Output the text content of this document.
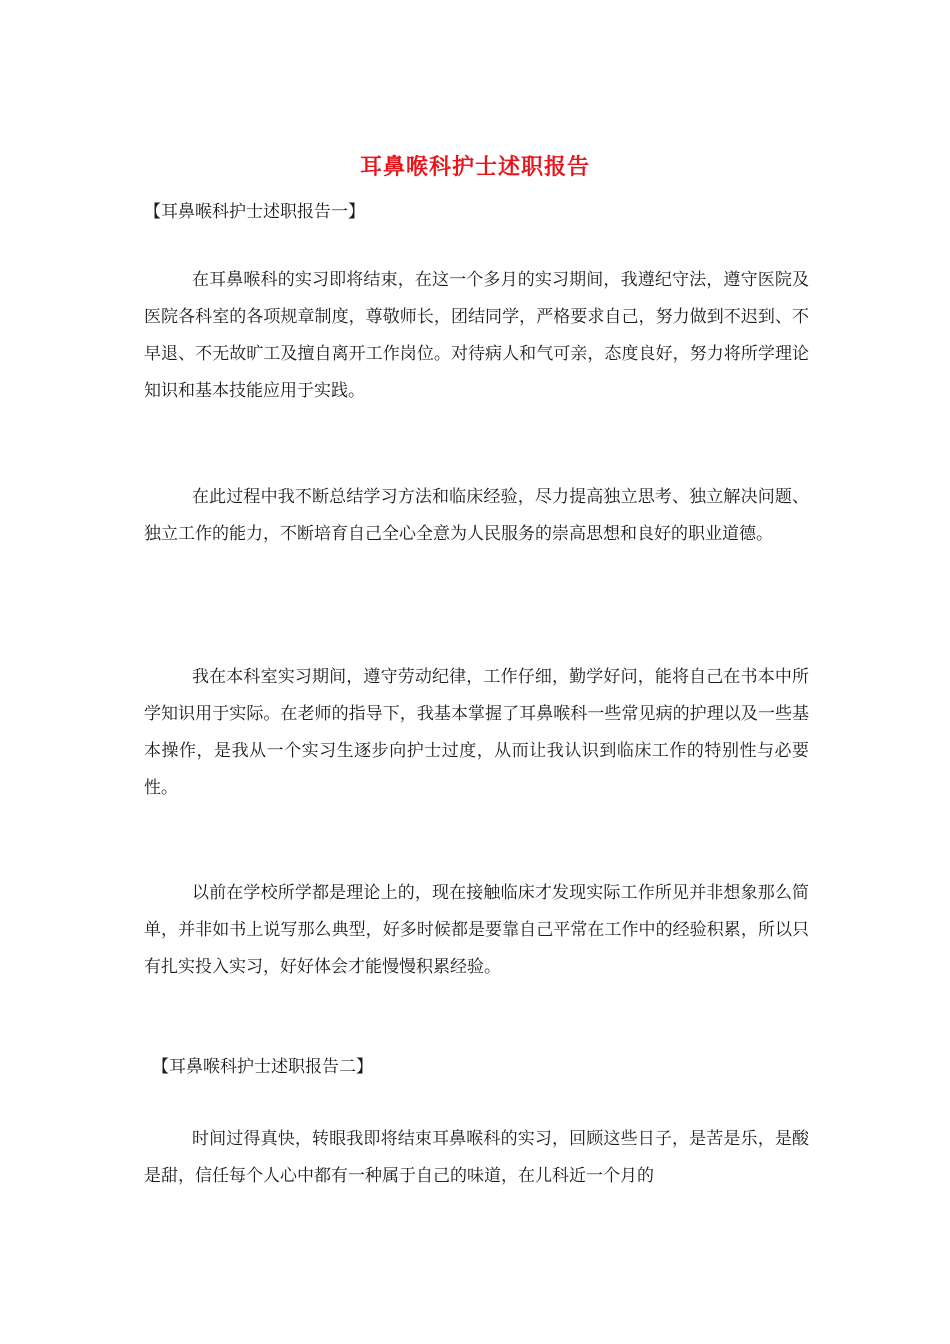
耳鼻喉科护士述职报告
【耳鼻喉科护士述职报告一】

在耳鼻喉科的实习即将结束，在这一个多月的实习期间，我遵纪守法，遵守医院及医院各科室的各项规章制度，尊敬师长，团结同学，严格要求自己，努力做到不迟到、不早退、不无故旷工及擅自离开工作岗位。对待病人和气可亲，态度良好，努力将所学理论知识和基本技能应用于实践。

在此过程中我不断总结学习方法和临床经验，尽力提高独立思考、独立解决问题、独立工作的能力，不断培育自己全心全意为人民服务的崇高思想和良好的职业道德。

我在本科室实习期间，遵守劳动纪律，工作仔细，勤学好问，能将自己在书本中所学知识用于实际。在老师的指导下，我基本掌握了耳鼻喉科一些常见病的护理以及一些基本操作，是我从一个实习生逐步向护士过度，从而让我认识到临床工作的特别性与必要性。

以前在学校所学都是理论上的，现在接触临床才发现实际工作所见并非想象那么简单，并非如书上说写那么典型，好多时候都是要靠自己平常在工作中的经验积累，所以只有扎实投入实习，好好体会才能慢慢积累经验。

【耳鼻喉科护士述职报告二】

时间过得真快，转眼我即将结束耳鼻喉科的实习，回顾这些日子，是苦是乐，是酸是甜，信任每个人心中都有一种属于自己的味道，在儿科近一个月的
